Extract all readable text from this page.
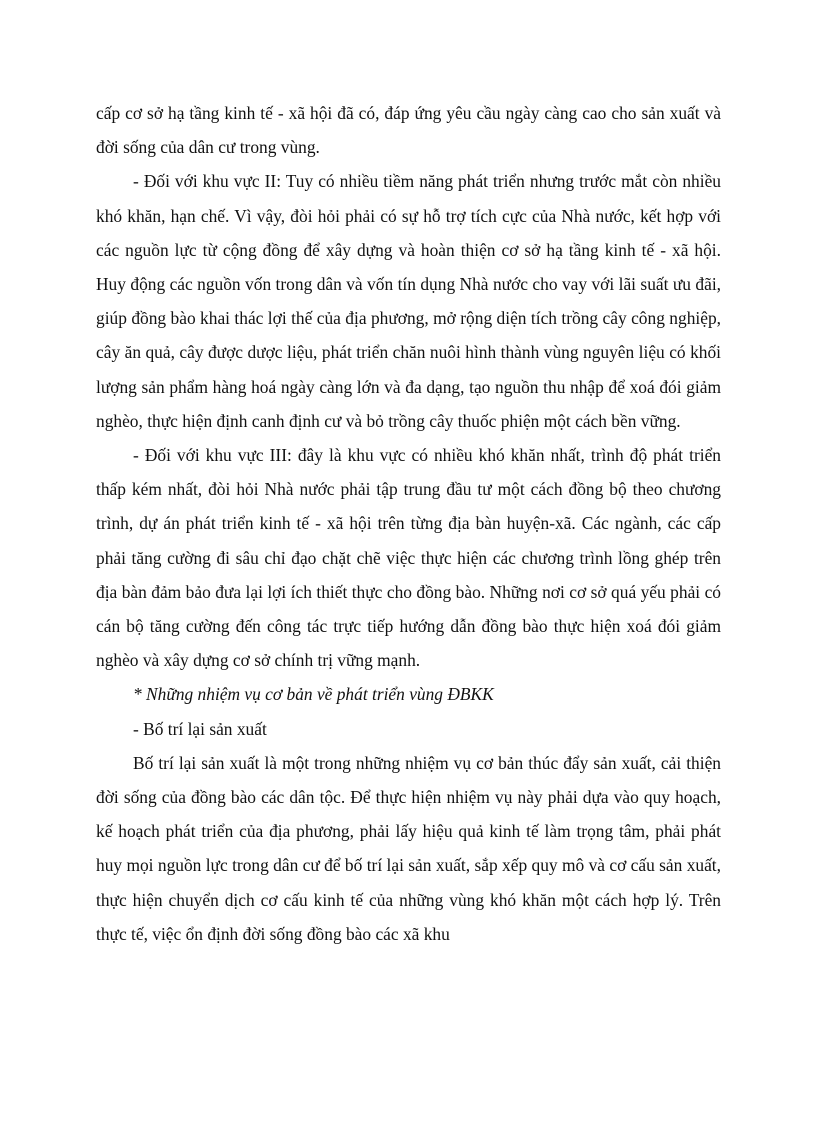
cấp cơ sở hạ tầng kinh tế - xã hội đã có, đáp ứng yêu cầu ngày càng cao cho sản xuất và đời sống của dân cư trong vùng.

- Đối với khu vực II: Tuy có nhiều tiềm năng phát triển nhưng trước mắt còn nhiều khó khăn, hạn chế. Vì vậy, đòi hỏi phải có sự hỗ trợ tích cực của Nhà nước, kết hợp với các nguồn lực từ cộng đồng để xây dựng và hoàn thiện cơ sở hạ tầng kinh tế - xã hội. Huy động các nguồn vốn trong dân và vốn tín dụng Nhà nước cho vay với lãi suất ưu đãi, giúp đồng bào khai thác lợi thế của địa phương, mở rộng diện tích trồng cây công nghiệp, cây ăn quả, cây được dược liệu, phát triển chăn nuôi hình thành vùng nguyên liệu có khối lượng sản phẩm hàng hoá ngày càng lớn và đa dạng, tạo nguồn thu nhập để xoá đói giảm nghèo, thực hiện định canh định cư và bỏ trồng cây thuốc phiện một cách bền vững.

- Đối với khu vực III: đây là khu vực có nhiều khó khăn nhất, trình độ phát triển thấp kém nhất, đòi hỏi Nhà nước phải tập trung đầu tư một cách đồng bộ theo chương trình, dự án phát triển kinh tế - xã hội trên từng địa bàn huyện-xã. Các ngành, các cấp phải tăng cường đi sâu chỉ đạo chặt chẽ việc thực hiện các chương trình lồng ghép trên địa bàn đảm bảo đưa lại lợi ích thiết thực cho đồng bào. Những nơi cơ sở quá yếu phải có cán bộ tăng cường đến công tác trực tiếp hướng dẫn đồng bào thực hiện xoá đói giảm nghèo và xây dựng cơ sở chính trị vững mạnh.

* Những nhiệm vụ cơ bản về phát triển vùng ĐBKK

- Bố trí lại sản xuất

Bố trí lại sản xuất là một trong những nhiệm vụ cơ bản thúc đẩy sản xuất, cải thiện đời sống của đồng bào các dân tộc. Để thực hiện nhiệm vụ này phải dựa vào quy hoạch, kế hoạch phát triển của địa phương, phải lấy hiệu quả kinh tế làm trọng tâm, phải phát huy mọi nguồn lực trong dân cư để bố trí lại sản xuất, sắp xếp quy mô và cơ cấu sản xuất, thực hiện chuyển dịch cơ cấu kinh tế của những vùng khó khăn một cách hợp lý. Trên thực tế, việc ổn định đời sống đồng bào các xã khu
